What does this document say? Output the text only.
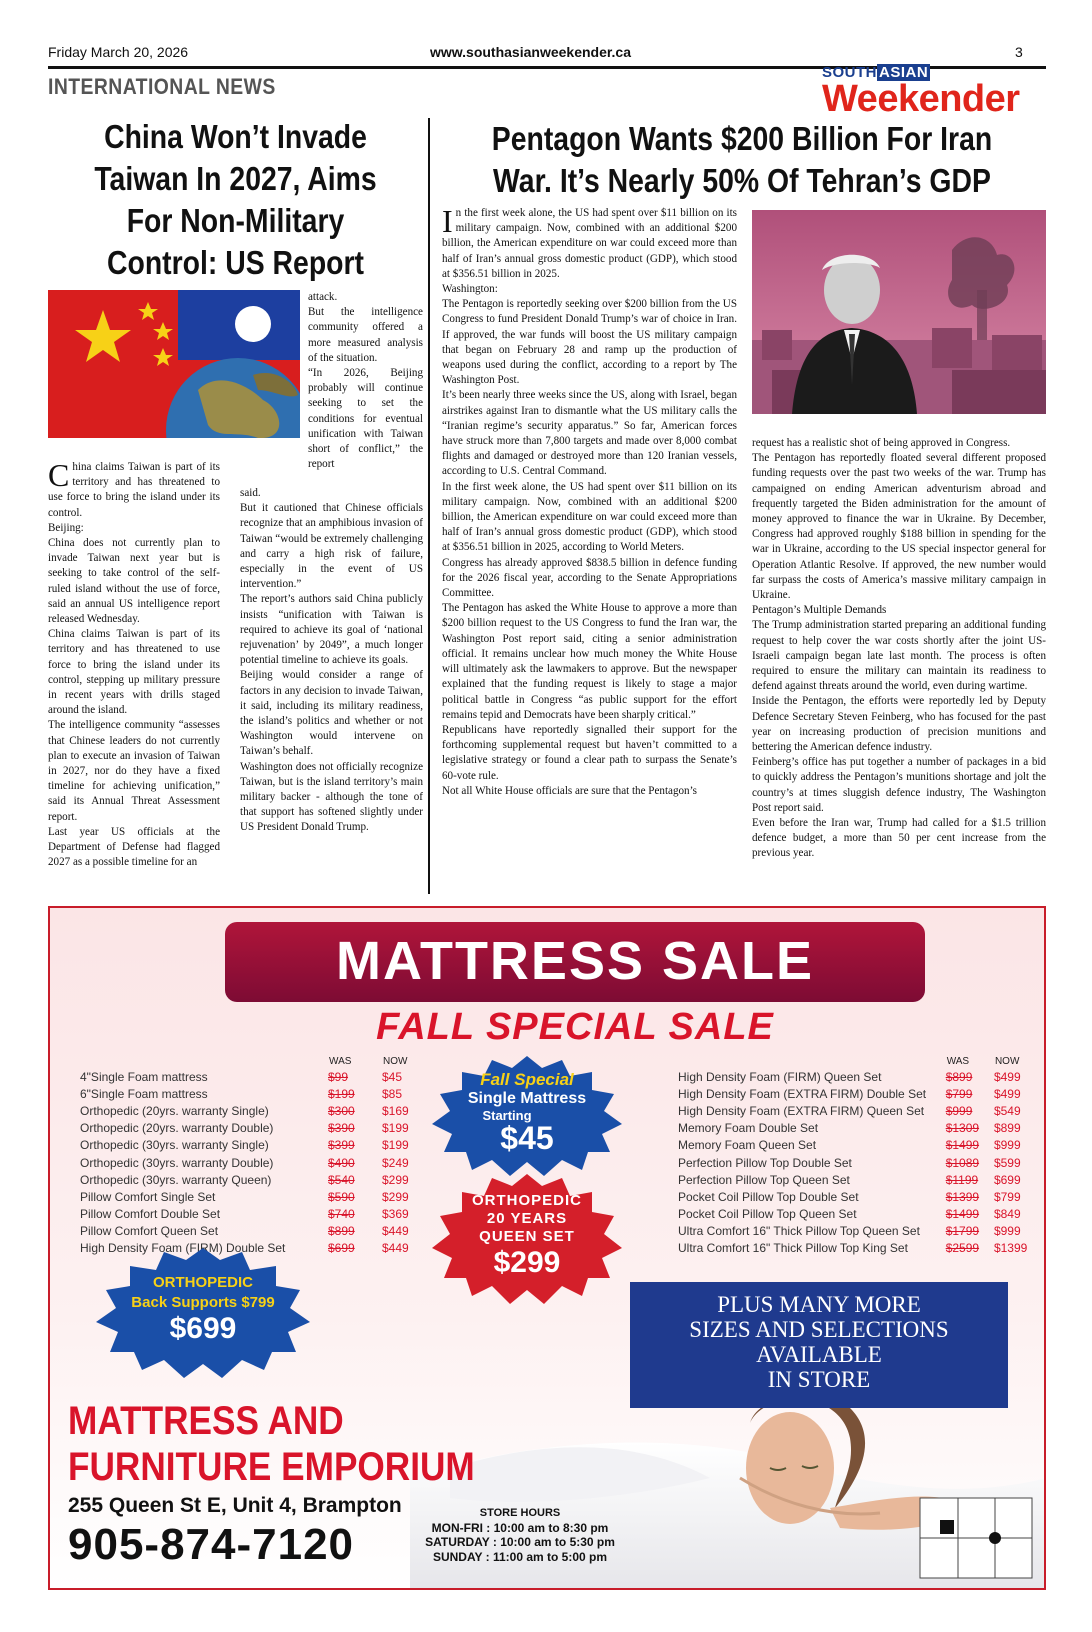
Friday March 20, 2026	www.southasianweekender.ca	3
INTERNATIONAL NEWS
SOUTH ASIAN
Weekender
China Won’t Invade Taiwan In 2027, Aims For Non-Military Control: US Report

China claims Taiwan is part of its territory and has threatened to use force to bring the island under its control.

Beijing:

China does not currently plan to invade Taiwan next year but is seeking to take control of the self-ruled island without the use of force, said an annual US intelligence report released Wednesday.

China claims Taiwan is part of its territory and has threatened to use force to bring the island under its control, stepping up military pressure in recent years with drills staged around the island.

The intelligence community “assesses that Chinese leaders do not currently plan to execute an invasion of Taiwan in 2027, nor do they have a fixed timeline for achieving unification,” said its Annual Threat Assessment report.

Last year US officials at the Department of Defense had flagged 2027 as a possible timeline for an

attack.

But the intelligence community offered a more measured analysis of the situation.

“In 2026, Beijing probably will continue seeking to set the conditions for eventual unification with Taiwan short of conflict,” the report

said.

But it cautioned that Chinese officials recognize that an amphibious invasion of Taiwan “would be extremely challenging and carry a high risk of failure, especially in the event of US intervention.”

The report’s authors said China publicly insists “unification with Taiwan is required to achieve its goal of ‘national rejuvenation’ by 2049”, a much longer potential timeline to achieve its goals.

Beijing would consider a range of factors in any decision to invade Taiwan, it said, including its military readiness, the island’s politics and whether or not Washington would intervene on Taiwan’s behalf.

Washington does not officially recognize Taiwan, but is the island territory’s main military backer - although the tone of that support has softened slightly under US President Donald Trump.

Pentagon Wants $200 Billion For Iran War. It’s Nearly 50% Of Tehran’s GDP

In the first week alone, the US had spent over $11 billion on its military campaign. Now, combined with an additional $200 billion, the American expenditure on war could exceed more than half of Iran’s annual gross domestic product (GDP), which stood at $356.51 billion in 2025.

Washington:

The Pentagon is reportedly seeking over $200 billion from the US Congress to fund President Donald Trump’s war of choice in Iran. If approved, the war funds will boost the US military campaign that began on February 28 and ramp up the production of weapons used during the conflict, according to a report by The Washington Post.

It’s been nearly three weeks since the US, along with Israel, began airstrikes against Iran to dismantle what the US military calls the “Iranian regime’s security apparatus.” So far, American forces have struck more than 7,800 targets and made over 8,000 combat flights and damaged or destroyed more than 120 Iranian vessels, according to U.S. Central Command.

In the first week alone, the US had spent over $11 billion on its military campaign. Now, combined with an additional $200 billion, the American expenditure on war could exceed more than half of Iran’s annual gross domestic product (GDP), which stood at $356.51 billion in 2025, according to World Meters.

Congress has already approved $838.5 billion in defence funding for the 2026 fiscal year, according to the Senate Appropriations Committee.

The Pentagon has asked the White House to approve a more than $200 billion request to the US Congress to fund the Iran war, the Washington Post report said, citing a senior administration official. It remains unclear how much money the White House will ultimately ask the lawmakers to approve. But the newspaper explained that the funding request is likely to stage a major political battle in Congress “as public support for the effort remains tepid and Democrats have been sharply critical.”

Republicans have reportedly signalled their support for the forthcoming supplemental request but haven’t committed to a legislative strategy or found a clear path to surpass the Senate’s 60-vote rule.

Not all White House officials are sure that the Pentagon’s

request has a realistic shot of being approved in Congress.

The Pentagon has reportedly floated several different proposed funding requests over the past two weeks of the war. Trump has campaigned on ending American adventurism abroad and frequently targeted the Biden administration for the amount of money approved to finance the war in Ukraine. By December, Congress had approved roughly $188 billion in spending for the war in Ukraine, according to the US special inspector general for Operation Atlantic Resolve. If approved, the new number would far surpass the costs of America’s massive military campaign in Ukraine.

Pentagon’s Multiple Demands

The Trump administration started preparing an additional funding request to help cover the war costs shortly after the joint US-Israeli campaign began late last month. The process is often required to ensure the military can maintain its readiness to defend against threats around the world, even during wartime.

Inside the Pentagon, the efforts were reportedly led by Deputy Defence Secretary Steven Feinberg, who has focused for the past year on increasing production of precision munitions and bettering the American defence industry.

Feinberg’s office has put together a number of packages in a bid to quickly address the Pentagon’s munitions shortage and jolt the country’s at times sluggish defence industry, The Washington Post report said.

Even before the Iran war, Trump had called for a $1.5 trillion defence budget, a more than 50 per cent increase from the previous year.

MATTRESS SALE
FALL SPECIAL SALE
	WAS	NOW
4"Single Foam mattress	$99	$45
6"Single Foam mattress	$199	$85
Orthopedic (20yrs. warranty Single)	$300	$169
Orthopedic (20yrs. warranty Double)	$390	$199
Orthopedic (30yrs. warranty Single)	$399	$199
Orthopedic (30yrs. warranty Double)	$490	$249
Orthopedic (30yrs. warranty Queen)	$540	$299
Pillow Comfort Single Set	$590	$299
Pillow Comfort Double Set	$740	$369
Pillow Comfort Queen Set	$899	$449
High Density Foam (FIRM) Double Set	$699	$449
	WAS	NOW
High Density Foam (FIRM) Queen Set	$899	$499
High Density Foam (EXTRA FIRM) Double Set	$799	$499
High Density Foam (EXTRA FIRM) Queen Set	$999	$549
Memory Foam Double Set	$1309	$899
Memory Foam Queen Set	$1499	$999
Perfection Pillow Top Double Set	$1089	$599
Perfection Pillow Top Queen Set	$1199	$699
Pocket Coil Pillow Top Double Set	$1399	$799
Pocket Coil Pillow Top Queen Set	$1499	$849
Ultra Comfort 16" Thick Pillow Top Queen Set	$1799	$999
Ultra Comfort 16" Thick Pillow Top King Set	$2599	$1399
Fall Special
Single Mattress
Starting
$45
ORTHOPEDIC
20 YEARS
QUEEN SET
$299
ORTHOPEDIC
Back Supports $799
$699
PLUS MANY MORE
SIZES AND SELECTIONS
AVAILABLE
IN STORE
MATTRESS AND
FURNITURE EMPORIUM
255 Queen St E, Unit 4, Brampton
905-874-7120
STORE HOURS
MON-FRI : 10:00 am to 8:30 pm
SATURDAY : 10:00 am to 5:30 pm
SUNDAY : 11:00 am to 5:00 pm
